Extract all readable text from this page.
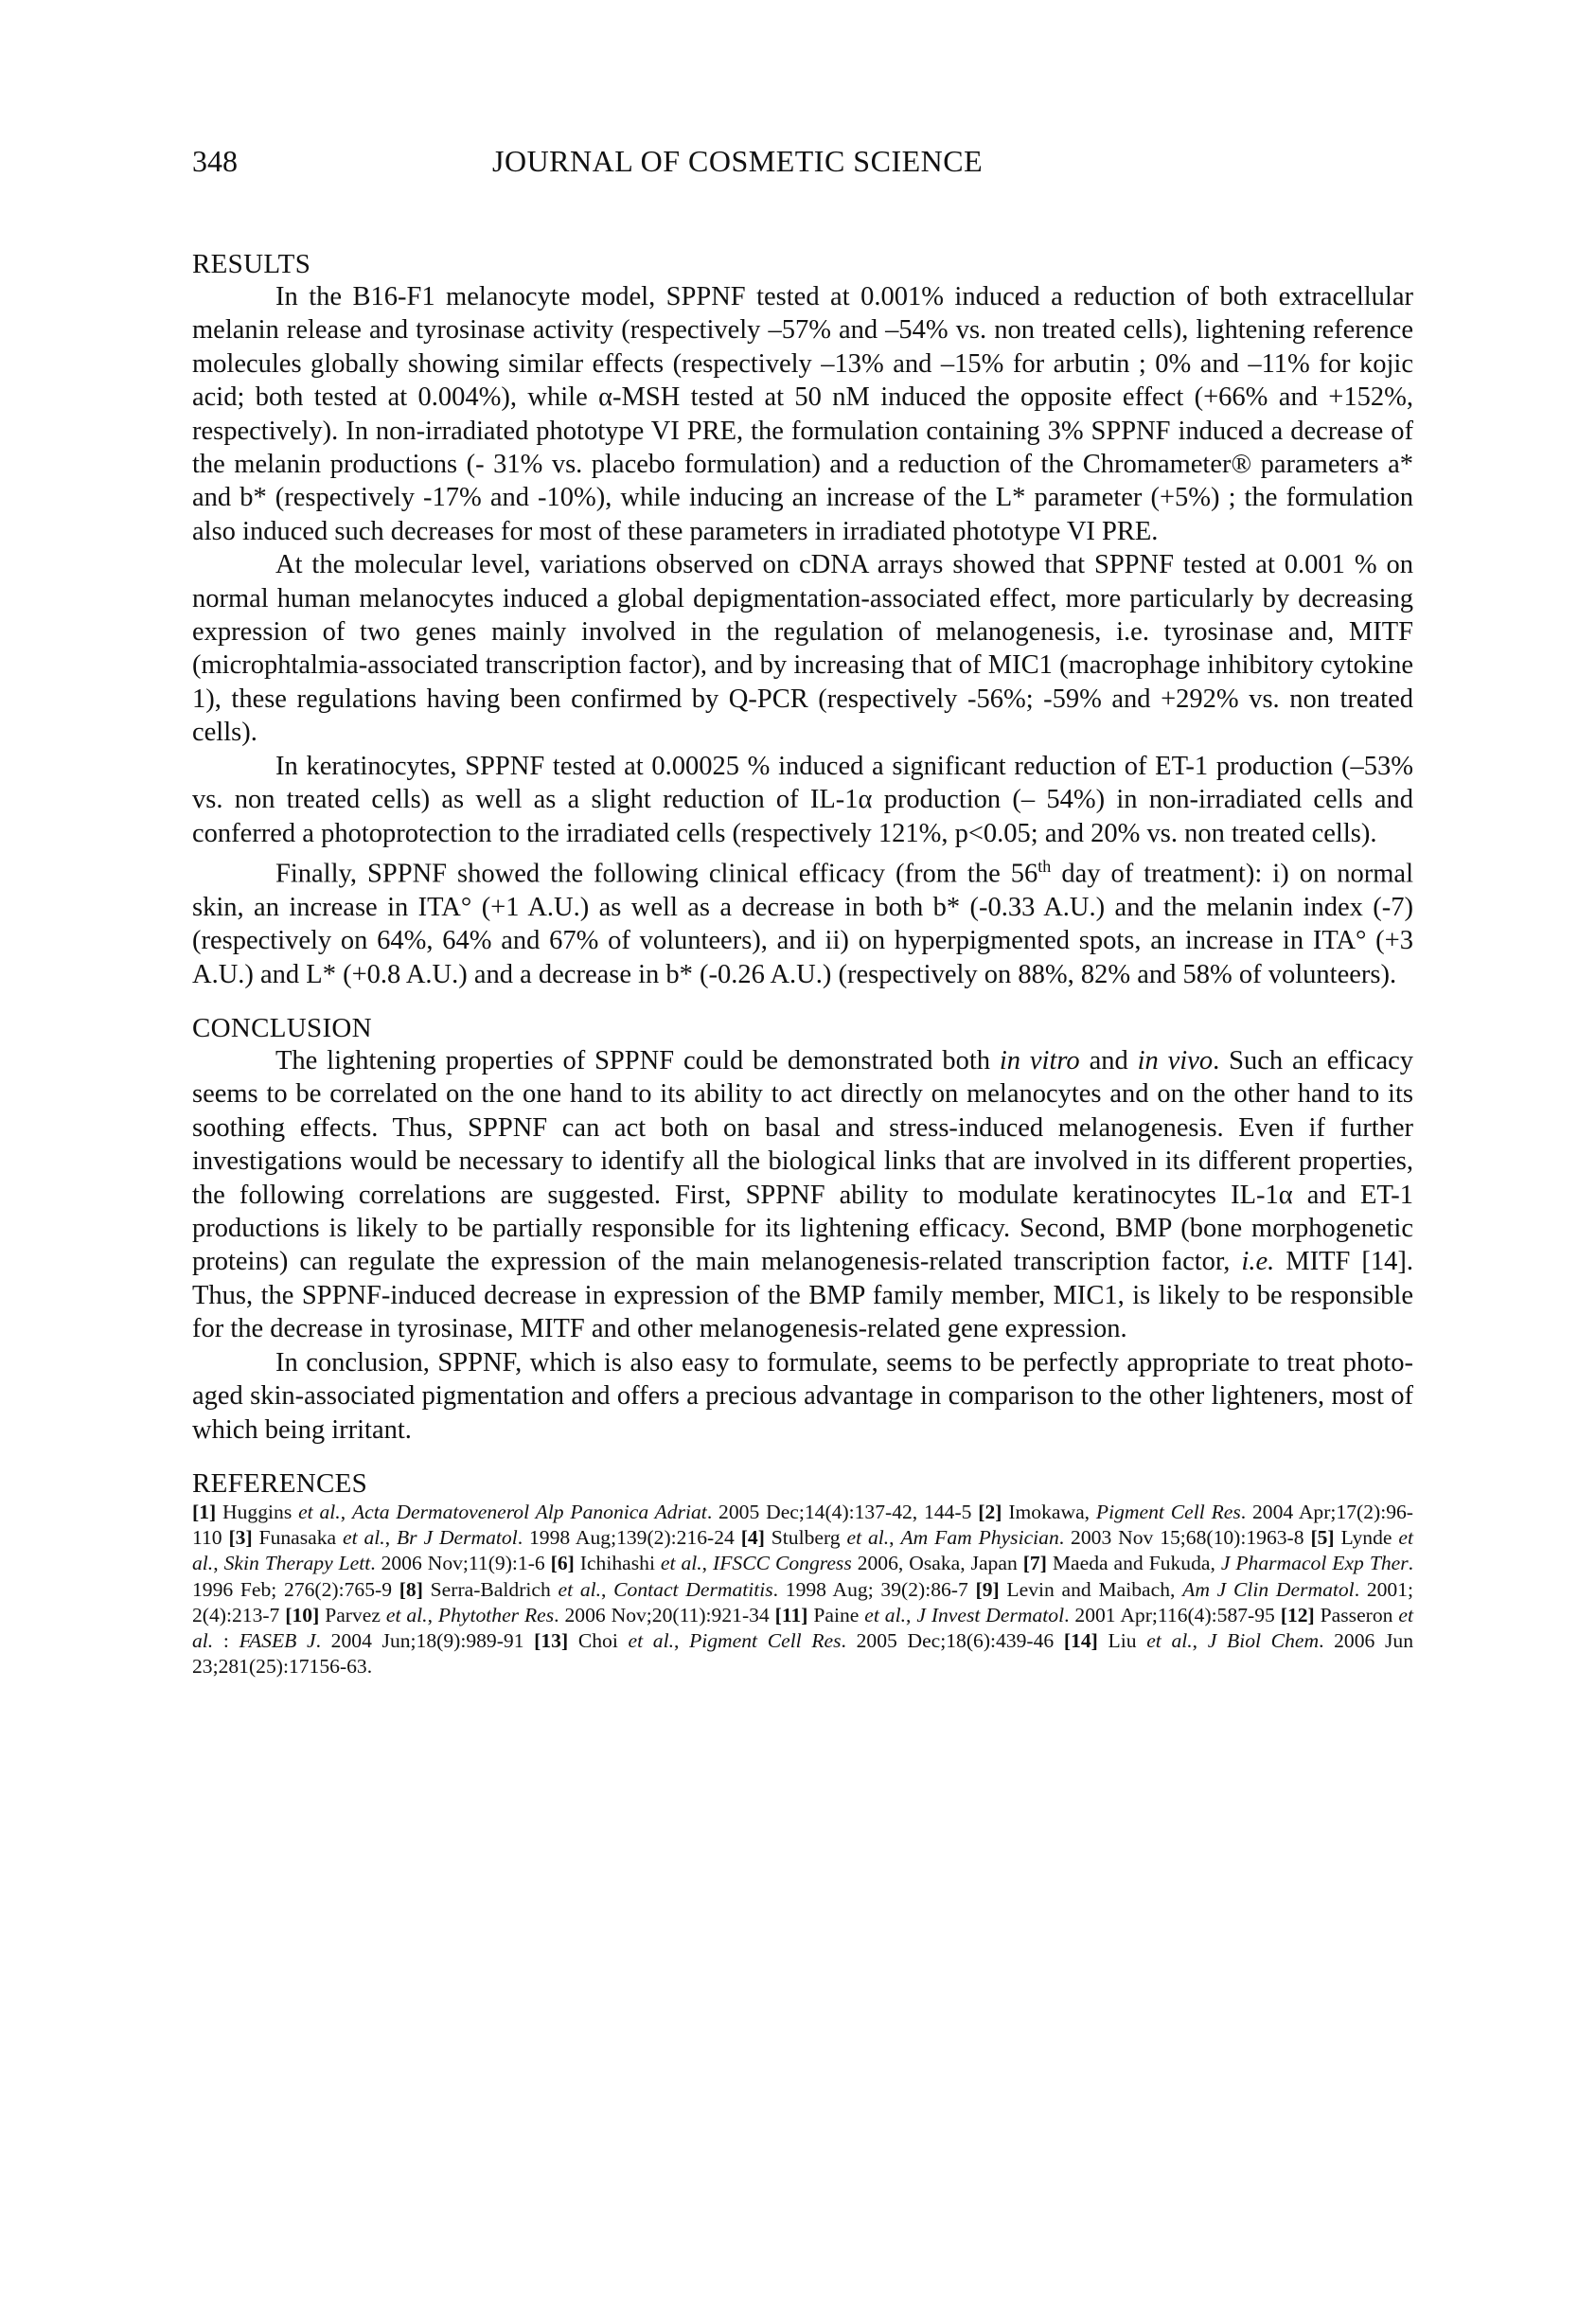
348	JOURNAL OF COSMETIC SCIENCE
RESULTS

In the B16-F1 melanocyte model, SPPNF tested at 0.001% induced a reduction of both extracellular melanin release and tyrosinase activity (respectively –57% and –54% vs. non treated cells), lightening reference molecules globally showing similar effects (respectively –13% and –15% for arbutin ; 0% and –11% for kojic acid; both tested at 0.004%), while α-MSH tested at 50 nM induced the opposite effect (+66% and +152%, respectively). In non-irradiated phototype VI PRE, the formulation containing 3% SPPNF induced a decrease of the melanin productions (- 31% vs. placebo formulation) and a reduction of the Chromameter® parameters a* and b* (respectively -17% and -10%), while inducing an increase of the L* parameter (+5%) ; the formulation also induced such decreases for most of these parameters in irradiated phototype VI PRE.

At the molecular level, variations observed on cDNA arrays showed that SPPNF tested at 0.001 % on normal human melanocytes induced a global depigmentation-associated effect, more particularly by decreasing expression of two genes mainly involved in the regulation of melanogenesis, i.e. tyrosinase and, MITF (microphtalmia-associated transcription factor), and by increasing that of MIC1 (macrophage inhibitory cytokine 1), these regulations having been confirmed by Q-PCR (respectively -56%; -59% and +292% vs. non treated cells).

In keratinocytes, SPPNF tested at 0.00025 % induced a significant reduction of ET-1 production (–53% vs. non treated cells) as well as a slight reduction of IL-1α production (– 54%) in non-irradiated cells and conferred a photoprotection to the irradiated cells (respectively 121%, p<0.05; and 20% vs. non treated cells).

Finally, SPPNF showed the following clinical efficacy (from the 56th day of treatment): i) on normal skin, an increase in ITA° (+1 A.U.) as well as a decrease in both b* (-0.33 A.U.) and the melanin index (-7) (respectively on 64%, 64% and 67% of volunteers), and ii) on hyperpigmented spots, an increase in ITA° (+3 A.U.) and L* (+0.8 A.U.) and a decrease in b* (-0.26 A.U.) (respectively on 88%, 82% and 58% of volunteers).

CONCLUSION

The lightening properties of SPPNF could be demonstrated both in vitro and in vivo. Such an efficacy seems to be correlated on the one hand to its ability to act directly on melanocytes and on the other hand to its soothing effects. Thus, SPPNF can act both on basal and stress-induced melanogenesis. Even if further investigations would be necessary to identify all the biological links that are involved in its different properties, the following correlations are suggested. First, SPPNF ability to modulate keratinocytes IL-1α and ET-1 productions is likely to be partially responsible for its lightening efficacy. Second, BMP (bone morphogenetic proteins) can regulate the expression of the main melanogenesis-related transcription factor, i.e. MITF [14]. Thus, the SPPNF-induced decrease in expression of the BMP family member, MIC1, is likely to be responsible for the decrease in tyrosinase, MITF and other melanogenesis-related gene expression.

In conclusion, SPPNF, which is also easy to formulate, seems to be perfectly appropriate to treat photo-aged skin-associated pigmentation and offers a precious advantage in comparison to the other lighteners, most of which being irritant.

REFERENCES

[1] Huggins et al., Acta Dermatovenerol Alp Panonica Adriat. 2005 Dec;14(4):137-42, 144-5 [2] Imokawa, Pigment Cell Res. 2004 Apr;17(2):96-110 [3] Funasaka et al., Br J Dermatol. 1998 Aug;139(2):216-24 [4] Stulberg et al., Am Fam Physician. 2003 Nov 15;68(10):1963-8 [5] Lynde et al., Skin Therapy Lett. 2006 Nov;11(9):1-6 [6] Ichihashi et al., IFSCC Congress 2006, Osaka, Japan [7] Maeda and Fukuda, J Pharmacol Exp Ther. 1996 Feb; 276(2):765-9 [8] Serra-Baldrich et al., Contact Dermatitis. 1998 Aug; 39(2):86-7 [9] Levin and Maibach, Am J Clin Dermatol. 2001; 2(4):213-7 [10] Parvez et al., Phytother Res. 2006 Nov;20(11):921-34 [11] Paine et al., J Invest Dermatol. 2001 Apr;116(4):587-95 [12] Passeron et al. : FASEB J. 2004 Jun;18(9):989-91 [13] Choi et al., Pigment Cell Res. 2005 Dec;18(6):439-46 [14] Liu et al., J Biol Chem. 2006 Jun 23;281(25):17156-63.
